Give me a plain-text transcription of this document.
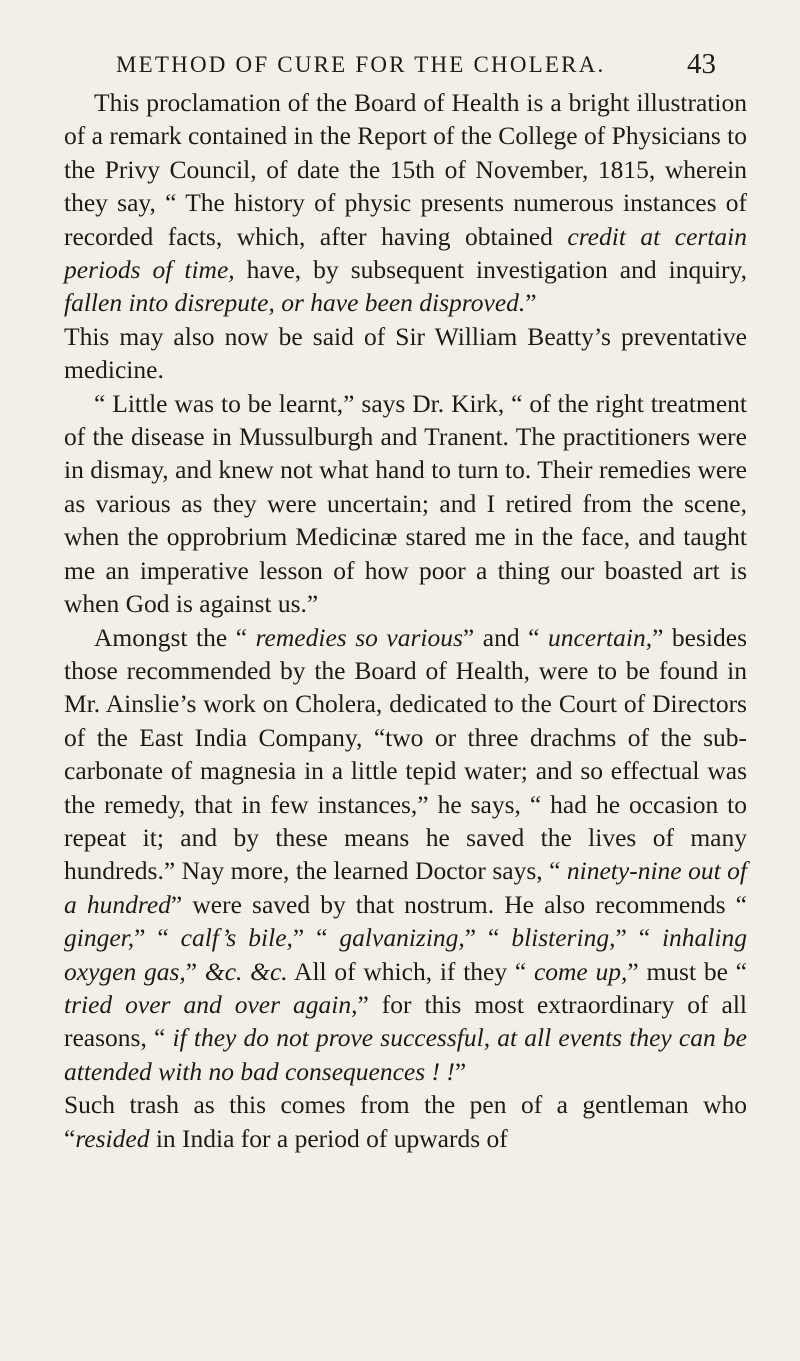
METHOD OF CURE FOR THE CHOLERA.	43

This proclamation of the Board of Health is a bright illustration of a remark contained in the Report of the College of Physicians to the Privy Council, of date the 15th of November, 1815, wherein they say, “ The history of physic presents numerous instances of recorded facts, which, after having obtained credit at certain periods of time, have, by subsequent investigation and inquiry, fallen into disrepute, or have been disproved.”

This may also now be said of Sir William Beatty’s preventative medicine.

“ Little was to be learnt,” says Dr. Kirk, “ of the right treatment of the disease in Mussulburgh and Tranent. The practitioners were in dismay, and knew not what hand to turn to. Their remedies were as various as they were uncertain; and I retired from the scene, when the opprobrium Medicinæ stared me in the face, and taught me an imperative lesson of how poor a thing our boasted art is when God is against us.”

Amongst the “ remedies so various” and “ uncertain,” besides those recommended by the Board of Health, were to be found in Mr. Ainslie’s work on Cholera, dedicated to the Court of Directors of the East India Company, “two or three drachms of the sub-carbonate of magnesia in a little tepid water; and so effectual was the remedy, that in few instances,” he says, “ had he occasion to repeat it; and by these means he saved the lives of many hundreds.” Nay more, the learned Doctor says, “ ninety-nine out of a hundred” were saved by that nostrum. He also recommends “ ginger,” “ calf’s bile,” “ galvanizing,” “ blistering,” “ inhaling oxygen gas,” &c. &c. All of which, if they “ come up,” must be “ tried over and over again,” for this most extraordinary of all reasons, “ if they do not prove successful, at all events they can be attended with no bad consequences ! !”

Such trash as this comes from the pen of a gentleman who “resided in India for a period of upwards of
